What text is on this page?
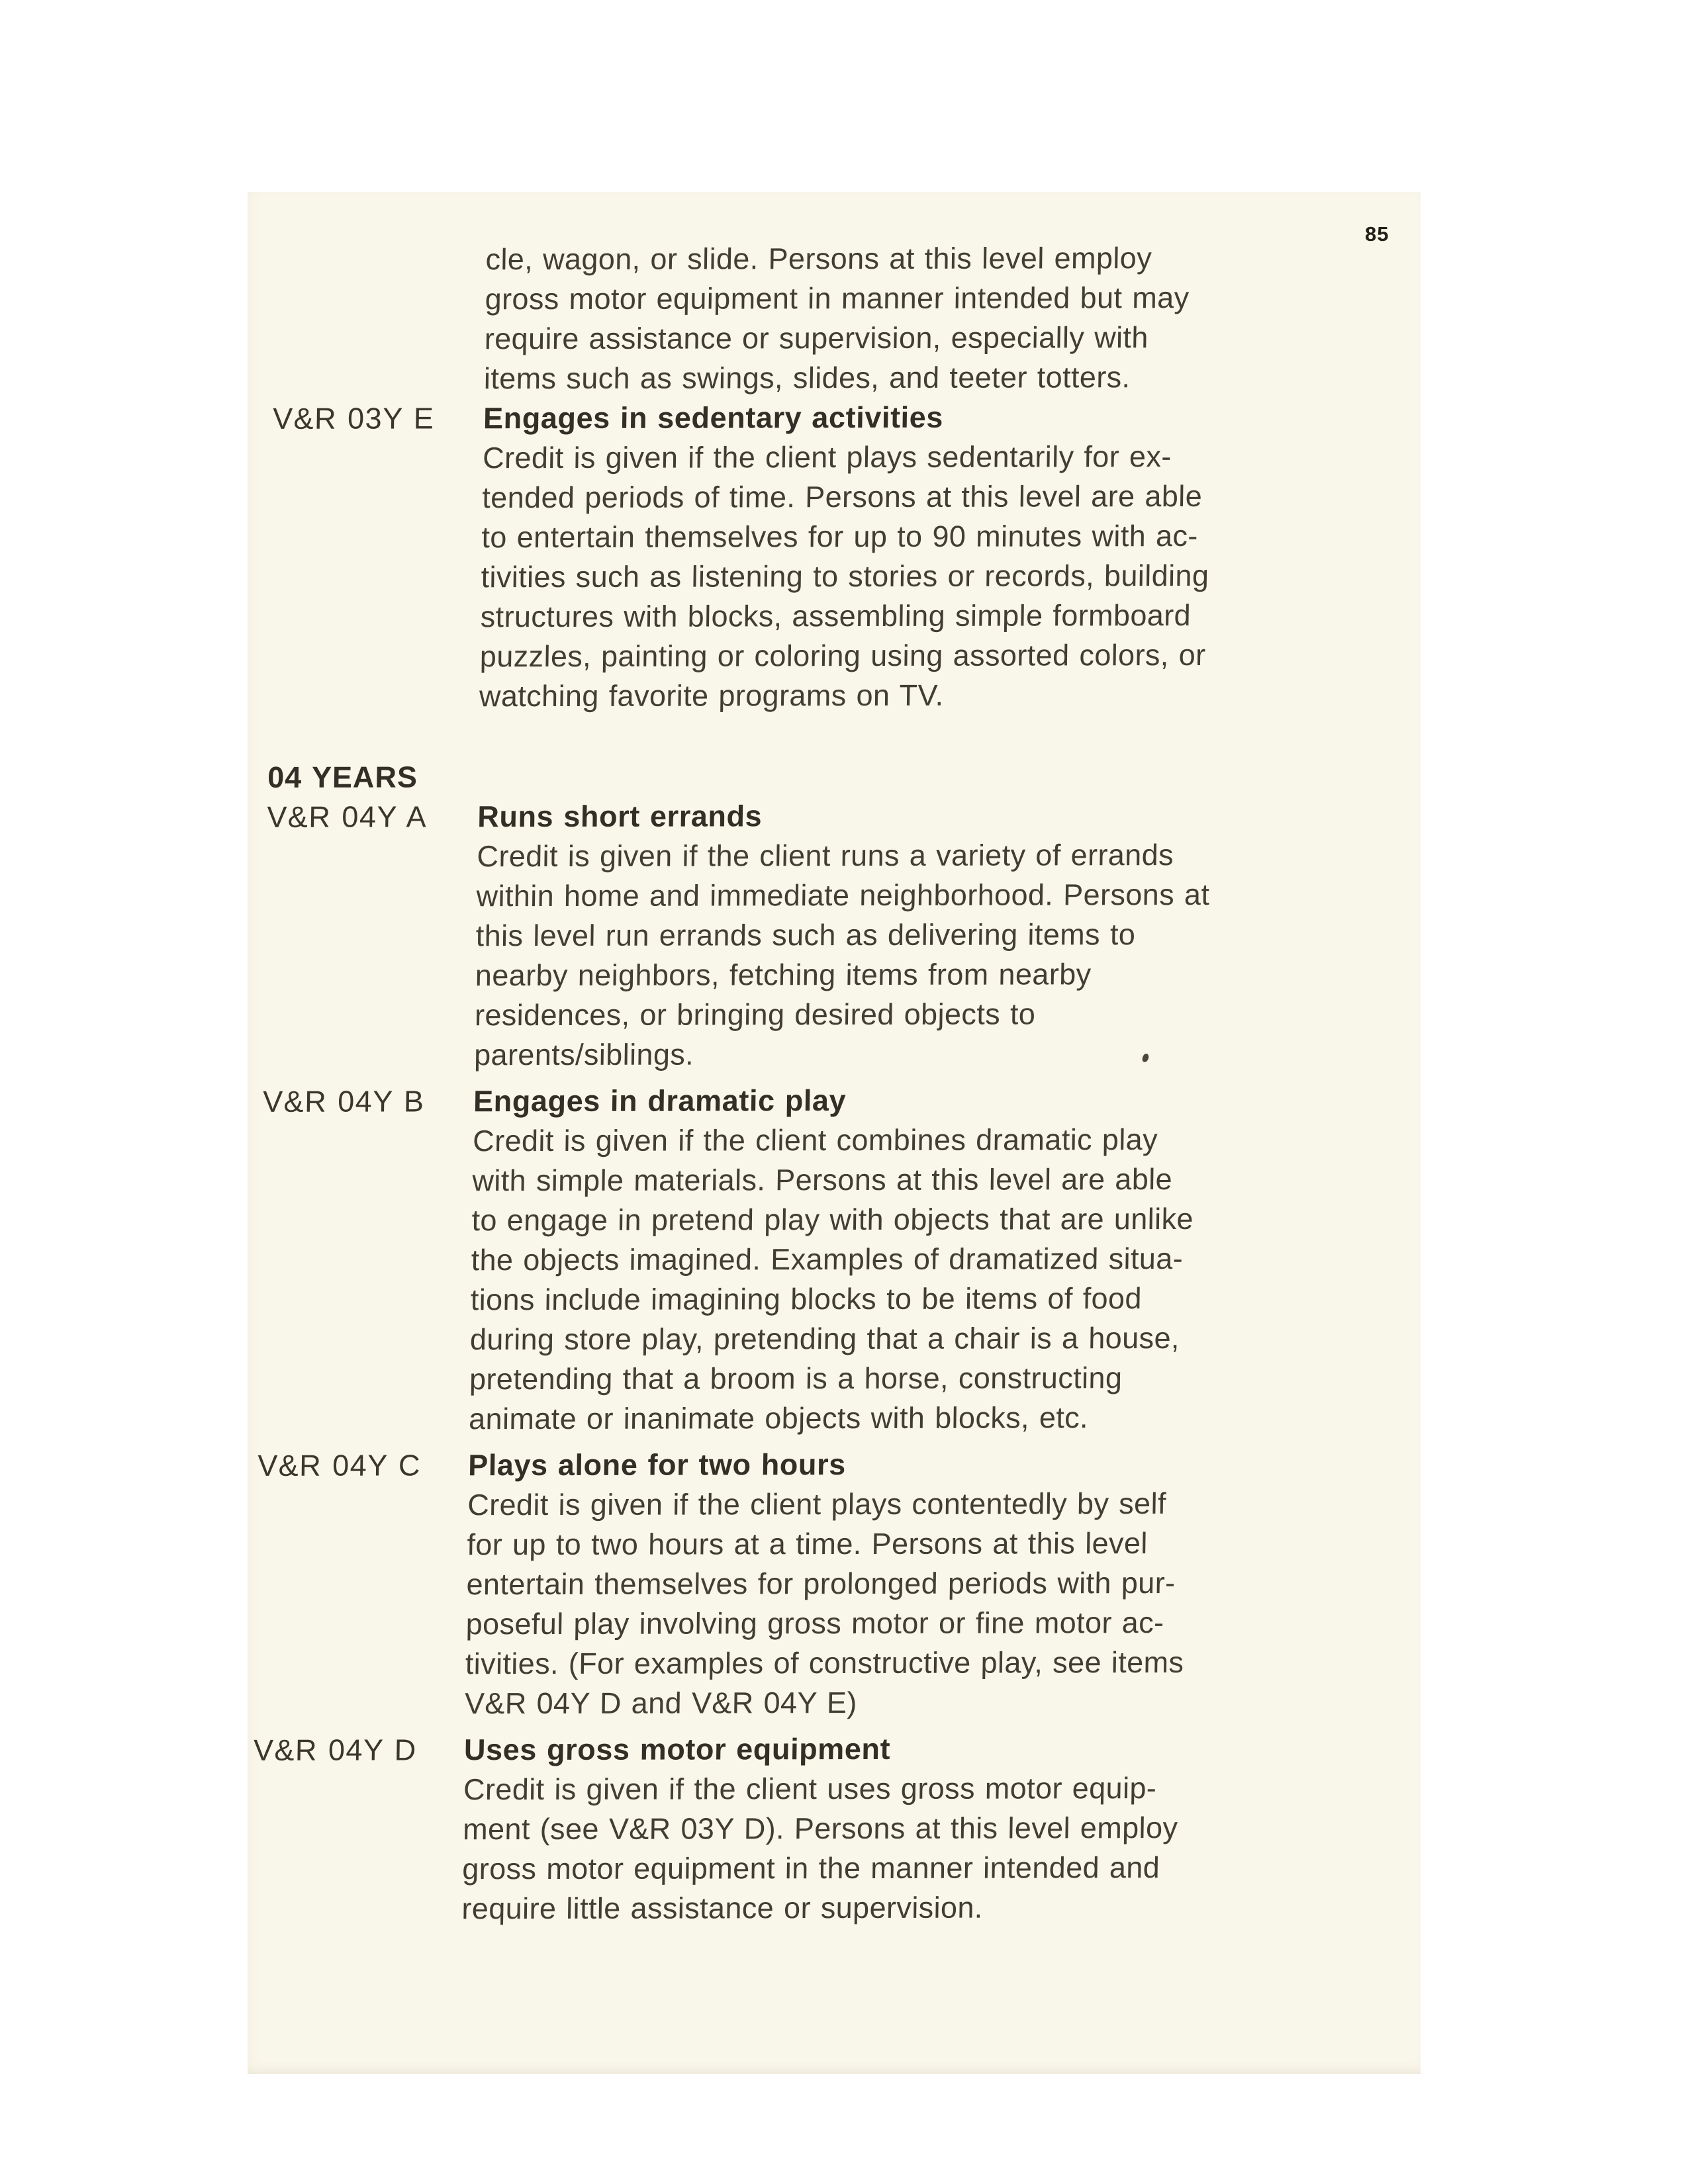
85
cle, wagon, or slide. Persons at this level employ
gross motor equipment in manner intended but may
require assistance or supervision, especially with
items such as swings, slides, and teeter totters.
V&R 03Y E Engages in sedentary activities
Credit is given if the client plays sedentarily for ex-
tended periods of time. Persons at this level are able
to entertain themselves for up to 90 minutes with ac-
tivities such as listening to stories or records, building
structures with blocks, assembling simple formboard
puzzles, painting or coloring using assorted colors, or
watching favorite programs on TV.
04 YEARS
V&R 04Y A Runs short errands
Credit is given if the client runs a variety of errands
within home and immediate neighborhood. Persons at
this level run errands such as delivering items to
nearby neighbors, fetching items from nearby
residences, or bringing desired objects to
parents/siblings.
V&R 04Y B Engages in dramatic play
Credit is given if the client combines dramatic play
with simple materials. Persons at this level are able
to engage in pretend play with objects that are unlike
the objects imagined. Examples of dramatized situa-
tions include imagining blocks to be items of food
during store play, pretending that a chair is a house,
pretending that a broom is a horse, constructing
animate or inanimate objects with blocks, etc.
V&R 04Y C Plays alone for two hours
Credit is given if the client plays contentedly by self
for up to two hours at a time. Persons at this level
entertain themselves for prolonged periods with pur-
poseful play involving gross motor or fine motor ac-
tivities. (For examples of constructive play, see items
V&R 04Y D and V&R 04Y E)
V&R 04Y D Uses gross motor equipment
Credit is given if the client uses gross motor equip-
ment (see V&R 03Y D). Persons at this level employ
gross motor equipment in the manner intended and
require little assistance or supervision.
